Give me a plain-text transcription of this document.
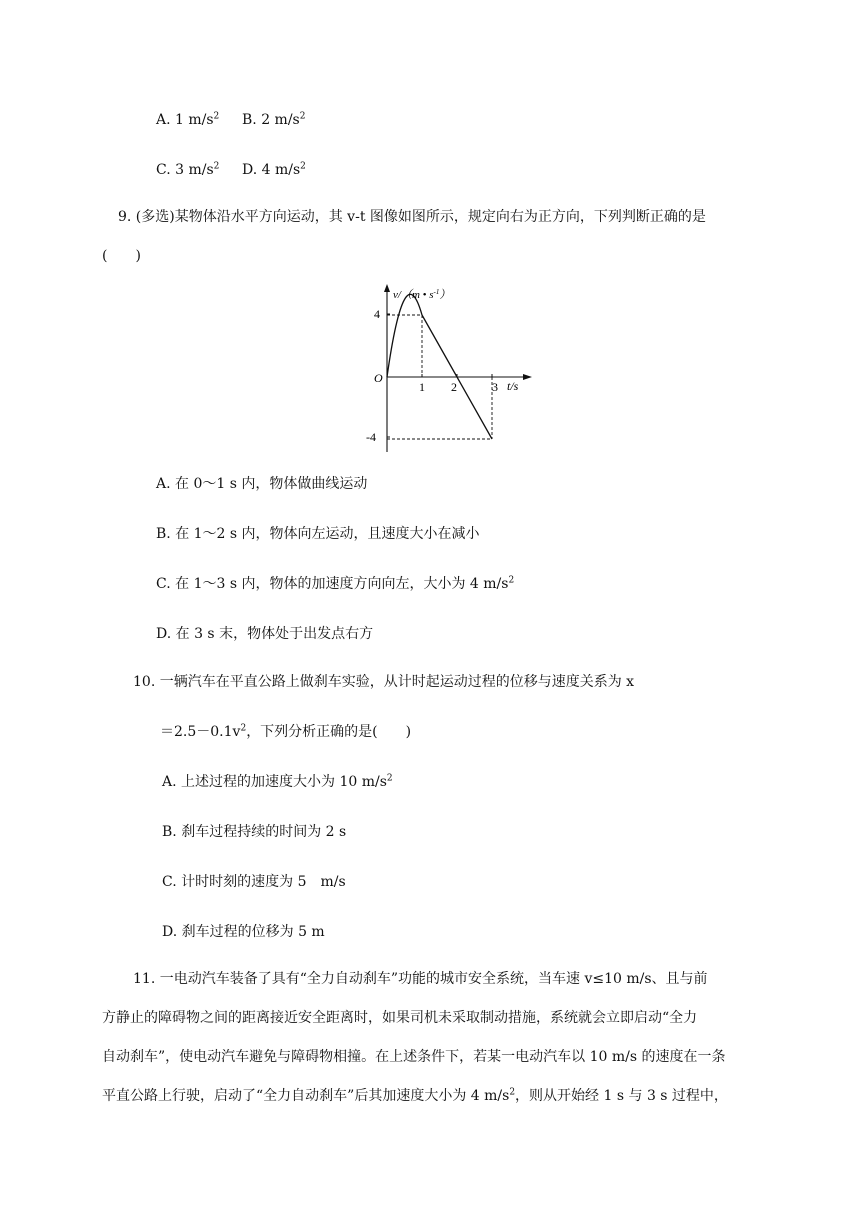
A. 1 $m/s^2$ B. 2 $m/s^2$
C. 3 $m/s^2$ D. 4 $m/s^2$
9. (多选)某物体沿水平方向运动，其 v-t 图像如图所示，规定向右为正方向，下列判断正确的是
(　　)
v/（m • $s^{-1}$）
t/s
O
1 2	3
4
-4
A. 在 0～1 s 内，物体做曲线运动
B. 在 1～2 s 内，物体向左运动，且速度大小在减小
C. 在 1～3 s 内，物体的加速度方向向左，大小为 4 $m/s^2$
D. 在 3 s 末，物体处于出发点右方
10. 一辆汽车在平直公路上做刹车实验，从计时起运动过程的位移与速度关系为 x
$=2.5-0.1v^2$，下列分析正确的是(　　)
A. 上述过程的加速度大小为 10 $m/s^2$
B. 刹车过程持续的时间为 2 s
C. 计时时刻的速度为 5　m/s
D. 刹车过程的位移为 5 m
11. 一电动汽车装备了具有“全力自动刹车”功能的城市安全系统，当车速 v≤10 m/s、且与前
方静止的障碍物之间的距离接近安全距离时，如果司机未采取制动措施，系统就会立即启动“全力
自动刹车”，使电动汽车避免与障碍物相撞。在上述条件下，若某一电动汽车以 10 m/s 的速度在一条
平直公路上行驶，启动了“全力自动刹车”后其加速度大小为 4 $m/s^2$，则从开始经 1 s 与 3 s 过程中，
